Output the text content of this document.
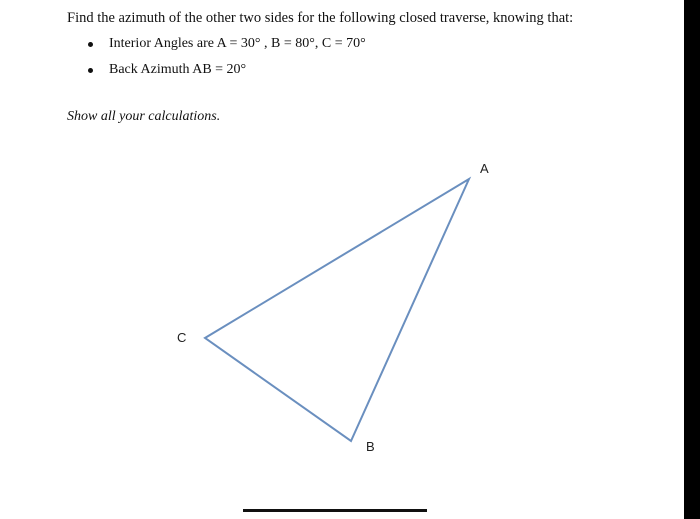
Find the azimuth of the other two sides for the following closed traverse, knowing that:
Interior Angles are A = 30° , B = 80°, C = 70°
Back Azimuth AB = 20°
Show all your calculations.
A
B
C
